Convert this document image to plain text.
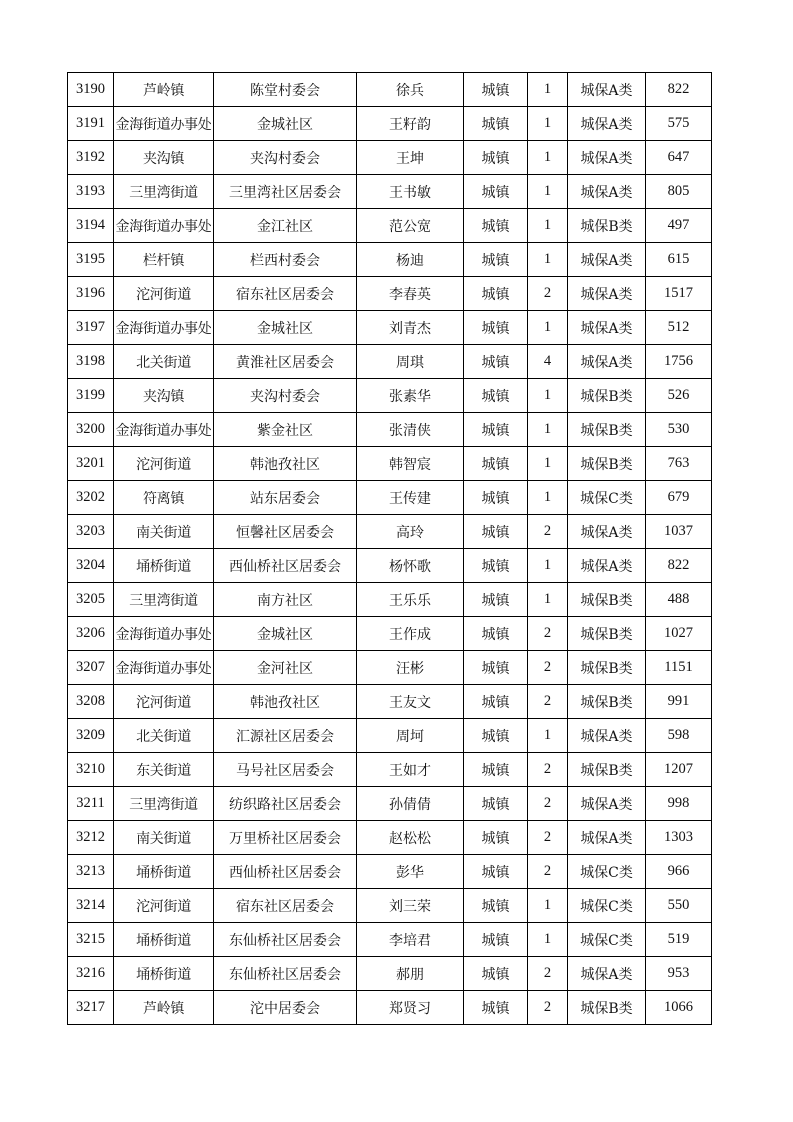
3190	芦岭镇	陈堂村委会	徐兵	城镇	1	城保A类	822
3191	金海街道办事处	金城社区	王籽韵	城镇	1	城保A类	575
3192	夹沟镇	夹沟村委会	王坤	城镇	1	城保A类	647
3193	三里湾街道	三里湾社区居委会	王书敏	城镇	1	城保A类	805
3194	金海街道办事处	金江社区	范公宽	城镇	1	城保B类	497
3195	栏杆镇	栏西村委会	杨迪	城镇	1	城保A类	615
3196	沱河街道	宿东社区居委会	李春英	城镇	2	城保A类	1517
3197	金海街道办事处	金城社区	刘青杰	城镇	1	城保A类	512
3198	北关街道	黄淮社区居委会	周琪	城镇	4	城保A类	1756
3199	夹沟镇	夹沟村委会	张素华	城镇	1	城保B类	526
3200	金海街道办事处	紫金社区	张清侠	城镇	1	城保B类	530
3201	沱河街道	韩池孜社区	韩智宸	城镇	1	城保B类	763
3202	符离镇	站东居委会	王传建	城镇	1	城保C类	679
3203	南关街道	恒馨社区居委会	高玲	城镇	2	城保A类	1037
3204	埇桥街道	西仙桥社区居委会	杨怀歌	城镇	1	城保A类	822
3205	三里湾街道	南方社区	王乐乐	城镇	1	城保B类	488
3206	金海街道办事处	金城社区	王作成	城镇	2	城保B类	1027
3207	金海街道办事处	金河社区	汪彬	城镇	2	城保B类	1151
3208	沱河街道	韩池孜社区	王友文	城镇	2	城保B类	991
3209	北关街道	汇源社区居委会	周坷	城镇	1	城保A类	598
3210	东关街道	马号社区居委会	王如才	城镇	2	城保B类	1207
3211	三里湾街道	纺织路社区居委会	孙倩倩	城镇	2	城保A类	998
3212	南关街道	万里桥社区居委会	赵松松	城镇	2	城保A类	1303
3213	埇桥街道	西仙桥社区居委会	彭华	城镇	2	城保C类	966
3214	沱河街道	宿东社区居委会	刘三荣	城镇	1	城保C类	550
3215	埇桥街道	东仙桥社区居委会	李培君	城镇	1	城保C类	519
3216	埇桥街道	东仙桥社区居委会	郝朋	城镇	2	城保A类	953
3217	芦岭镇	沱中居委会	郑贤习	城镇	2	城保B类	1066
